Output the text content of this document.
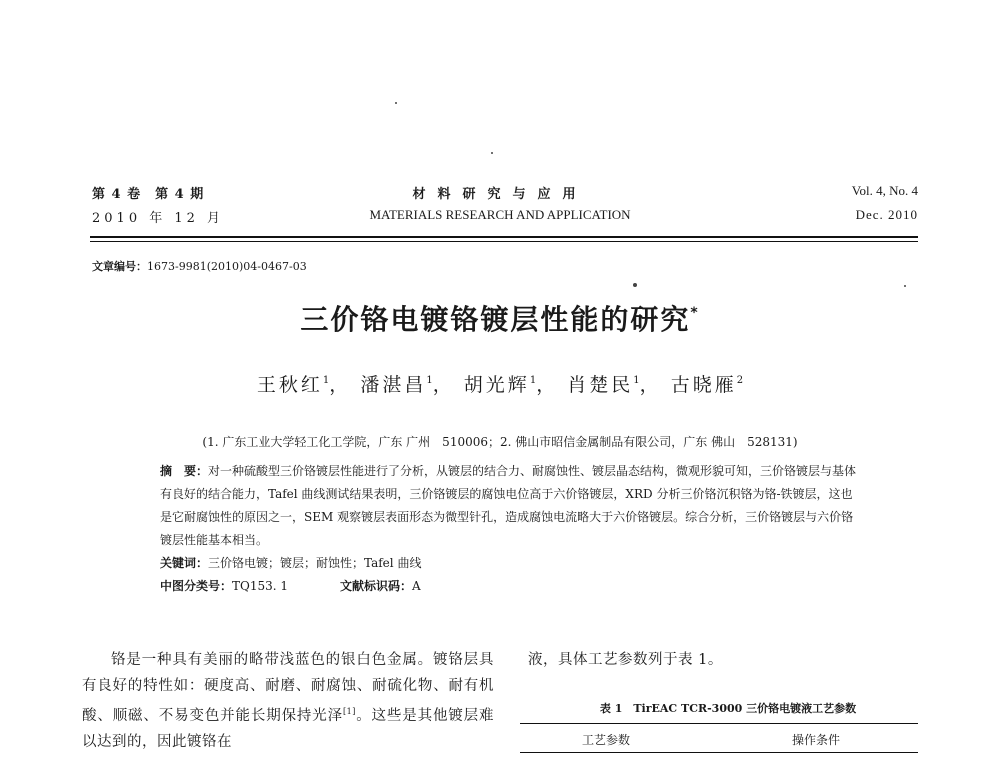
第 4 卷　第 4 期
2010 年 12 月
材料研究与应用
MATERIALS RESEARCH AND APPLICATION
Vol. 4, No. 4
Dec. 2010
文章编号：1673-9981(2010)04-0467-03
三价铬电镀铬镀层性能的研究*
王秋红$^1$， 潘湛昌$^1$， 胡光辉$^1$， 肖楚民$^1$， 古晓雁$^2$
(1. 广东工业大学轻工化工学院，广东 广州　510006；2. 佛山市昭信金属制品有限公司，广东 佛山　528131)

摘　要：对一种硫酸型三价铬镀层性能进行了分析，从镀层的结合力、耐腐蚀性、镀层晶态结构，微观形貌可知，三价铬镀层与基体有良好的结合能力，Tafel 曲线测试结果表明，三价铬镀层的腐蚀电位高于六价铬镀层，XRD 分析三价铬沉积铬为铬-铁镀层，这也是它耐腐蚀性的原因之一，SEM 观察镀层表面形态为微型针孔，造成腐蚀电流略大于六价铬镀层。综合分析，三价铬镀层与六价铬镀层性能基本相当。

关键词：三价铬电镀；镀层；耐蚀性；Tafel 曲线

中图分类号：TQ153. 1	文献标识码：A

铬是一种具有美丽的略带浅蓝色的银白色金属。镀铬层具有良好的特性如：硬度高、耐磨、耐腐蚀、耐硫化物、耐有机酸、顺磁、不易变色并能长期保持光泽[1]。这些是其他镀层难以达到的，因此镀铬在

液，具体工艺参数列于表 1。
表 1　TirEAC TCR-3000 三价铬电镀液工艺参数
工艺参数	操作条件
